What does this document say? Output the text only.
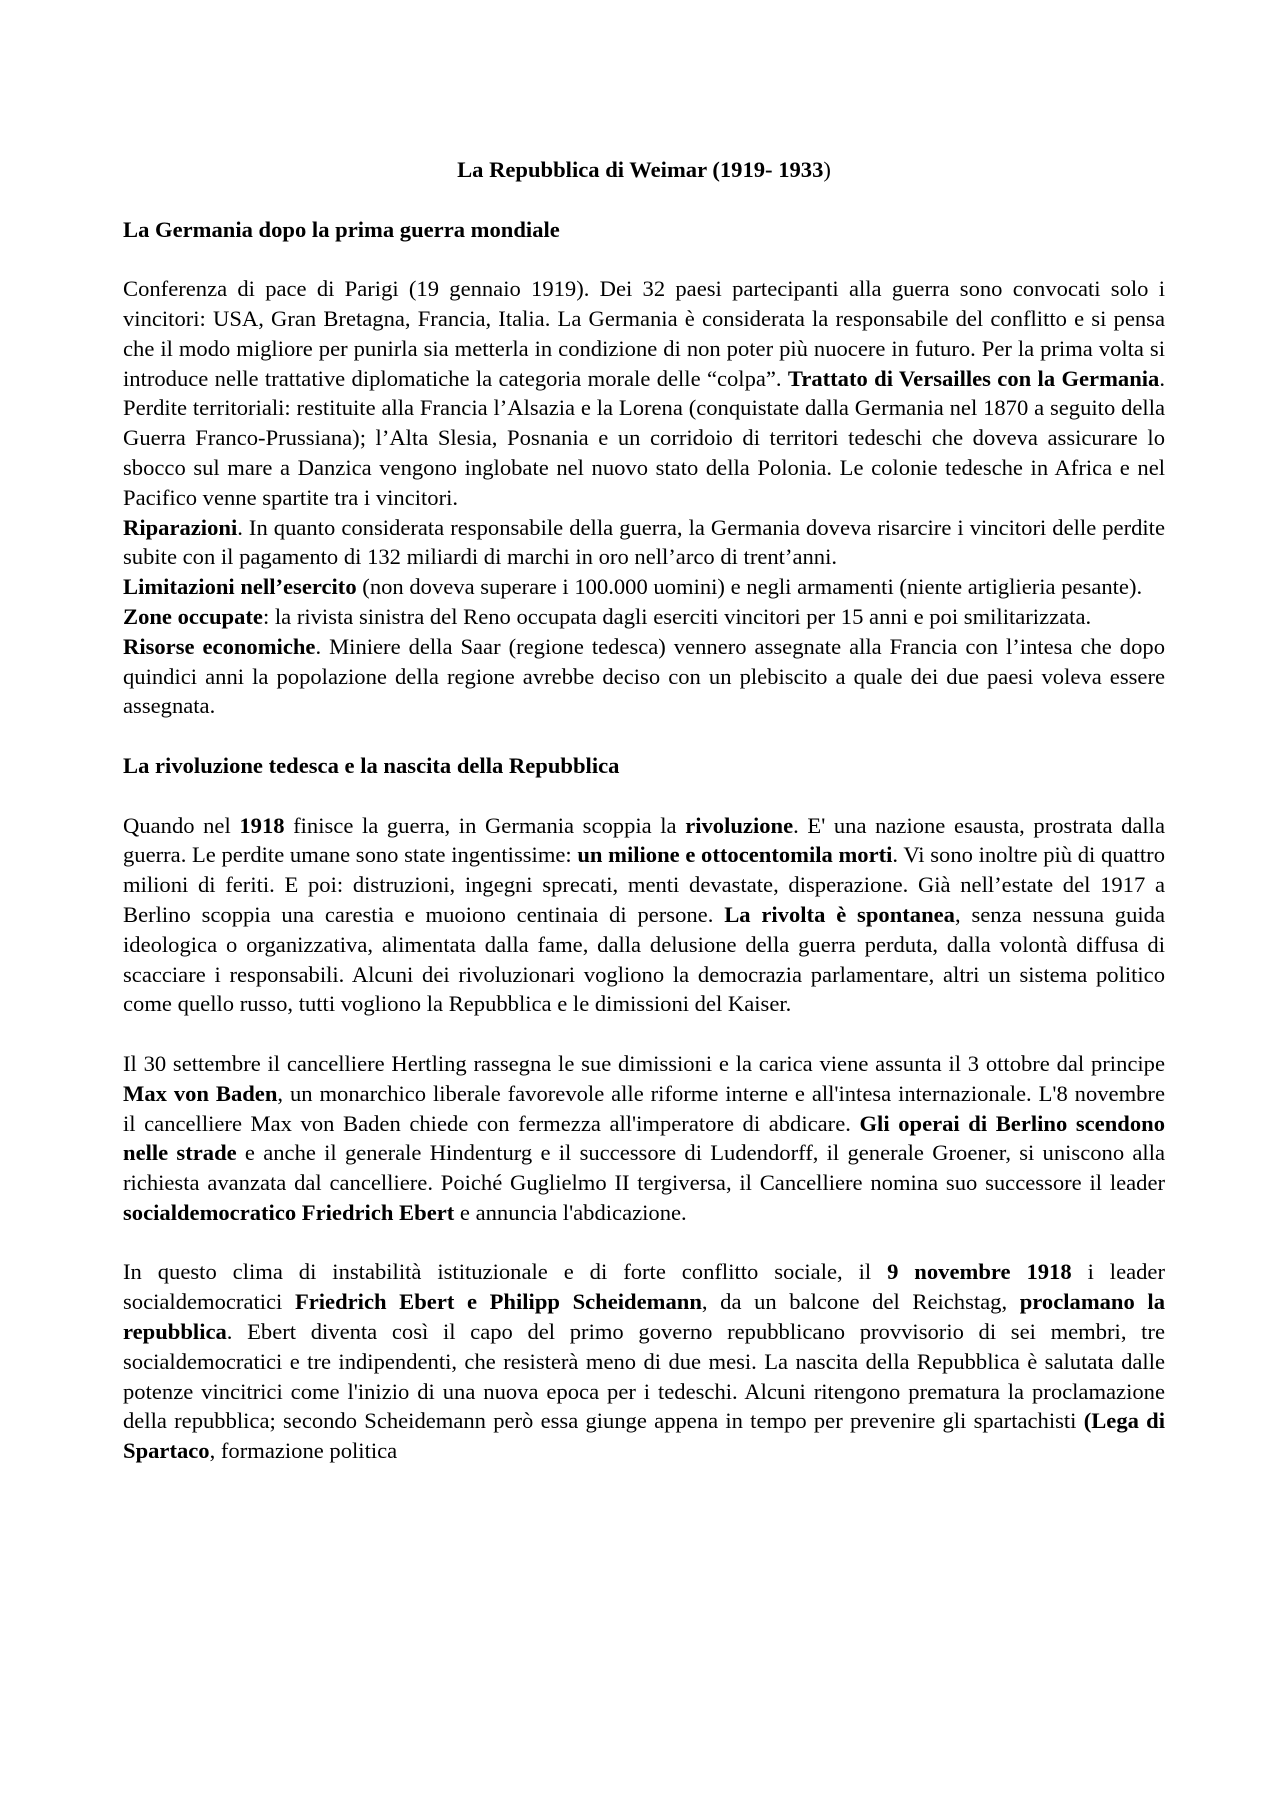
La Repubblica di Weimar (1919- 1933)
La Germania dopo la prima guerra mondiale

Conferenza di pace di Parigi (19 gennaio 1919). Dei 32 paesi partecipanti alla guerra sono convocati solo i vincitori: USA, Gran Bretagna, Francia, Italia. La Germania è considerata la responsabile del conflitto e si pensa che il modo migliore per punirla sia metterla in condizione di non poter più nuocere in futuro. Per la prima volta si introduce nelle trattative diplomatiche la categoria morale delle “colpa”. Trattato di Versailles con la Germania. Perdite territoriali: restituite alla Francia l’Alsazia e la Lorena (conquistate dalla Germania nel 1870 a seguito della Guerra Franco-Prussiana); l’Alta Slesia, Posnania e un corridoio di territori tedeschi che doveva assicurare lo sbocco sul mare a Danzica vengono inglobate nel nuovo stato della Polonia. Le colonie tedesche in Africa e nel Pacifico venne spartite tra i vincitori.

Riparazioni. In quanto considerata responsabile della guerra, la Germania doveva risarcire i vincitori delle perdite subite con il pagamento di 132 miliardi di marchi in oro nell’arco di trent’anni.

Limitazioni nell’esercito (non doveva superare i 100.000 uomini) e negli armamenti (niente artiglieria pesante).

Zone occupate: la rivista sinistra del Reno occupata dagli eserciti vincitori per 15 anni e poi smilitarizzata.

Risorse economiche. Miniere della Saar (regione tedesca) vennero assegnate alla Francia con l’intesa che dopo quindici anni la popolazione della regione avrebbe deciso con un plebiscito a quale dei due paesi voleva essere assegnata.

La rivoluzione tedesca e la nascita della Repubblica

Quando nel 1918 finisce la guerra, in Germania scoppia la rivoluzione. E' una nazione esausta, prostrata dalla guerra. Le perdite umane sono state ingentissime: un milione e ottocentomila morti. Vi sono inoltre più di quattro milioni di feriti. E poi: distruzioni, ingegni sprecati, menti devastate, disperazione. Già nell’estate del 1917 a Berlino scoppia una carestia e muoiono centinaia di persone. La rivolta è spontanea, senza nessuna guida ideologica o organizzativa, alimentata dalla fame, dalla delusione della guerra perduta, dalla volontà diffusa di scacciare i responsabili. Alcuni dei rivoluzionari vogliono la democrazia parlamentare, altri un sistema politico come quello russo, tutti vogliono la Repubblica e le dimissioni del Kaiser.

Il 30 settembre il cancelliere Hertling rassegna le sue dimissioni e la carica viene assunta il 3 ottobre dal principe Max von Baden, un monarchico liberale favorevole alle riforme interne e all'intesa internazionale. L'8 novembre il cancelliere Max von Baden chiede con fermezza all'imperatore di abdicare. Gli operai di Berlino scendono nelle strade e anche il generale Hindenturg e il successore di Ludendorff, il generale Groener, si uniscono alla richiesta avanzata dal cancelliere. Poiché Guglielmo II tergiversa, il Cancelliere nomina suo successore il leader socialdemocratico Friedrich Ebert e annuncia l'abdicazione.

In questo clima di instabilità istituzionale e di forte conflitto sociale, il 9 novembre 1918 i leader socialdemocratici Friedrich Ebert e Philipp Scheidemann, da un balcone del Reichstag, proclamano la repubblica. Ebert diventa così il capo del primo governo repubblicano provvisorio di sei membri, tre socialdemocratici e tre indipendenti, che resisterà meno di due mesi. La nascita della Repubblica è salutata dalle potenze vincitrici come l'inizio di una nuova epoca per i tedeschi. Alcuni ritengono prematura la proclamazione della repubblica; secondo Scheidemann però essa giunge appena in tempo per prevenire gli spartachisti (Lega di Spartaco, formazione politica
